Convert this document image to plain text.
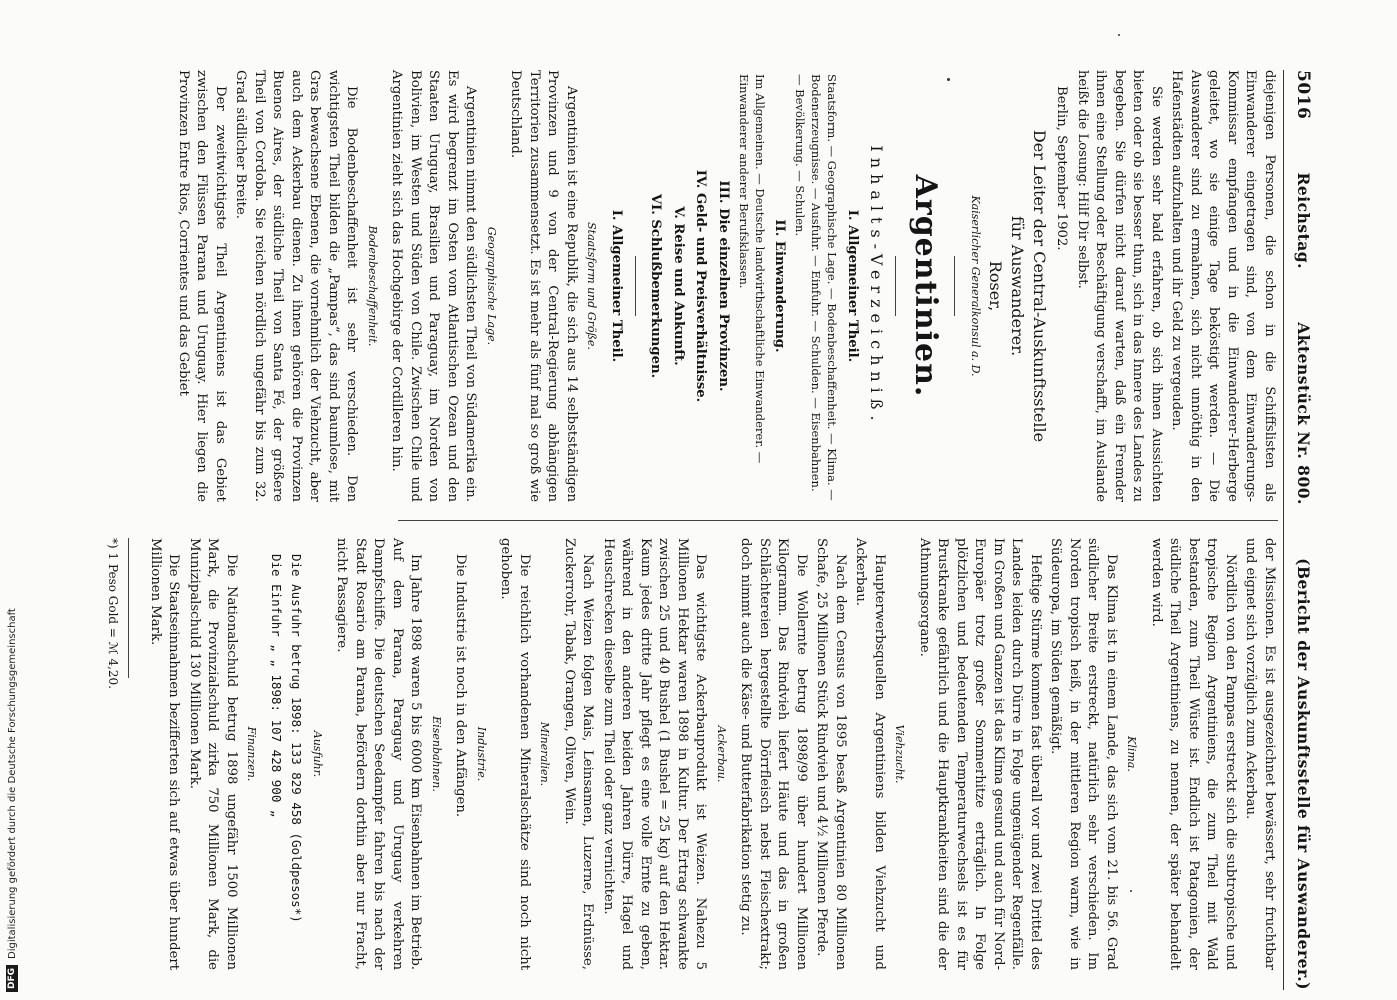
DFG
Digitalisierung gefördert durch die Deutsche Forschungsgemeinschaft
5016
Reichstag.
Aktenstück Nr. 800.
(Bericht der Auskunftsstelle für Auswanderer.)

diejenigen Personen, die schon in die Schiffslisten als Einwanderer eingetragen sind, von dem Einwanderungs-Kommissar empfangen und in die Einwanderer-Herberge geleitet, wo sie einige Tage beköstigt werden. — Die Auswanderer sind zu ermahnen, sich nicht unnöthig in den Hafenstädten aufzuhalten und ihr Geld zu vergeuden.

Sie werden sehr bald erfahren, ob sich ihnen Aussichten bieten oder ob sie besser thun, sich in das Innere des Landes zu begeben. Sie dürfen nicht darauf warten, daß ein Fremder ihnen eine Stellung oder Beschäftigung verschafft, im Auslande heißt die Losung: Hilf Dir selbst.

Berlin, September 1902.

Der Leiter der Central-Auskunftsstelle
für Auswanderer.
Roser,
Kaiserlicher Generalkonsul a. D.
Argentinien.
Inhalts-Verzeichniß.
I. Allgemeiner Theil.
Staatsform. — Geographische Lage. — Bodenbeschaffenheit. — Klima. — Bodenerzeugnisse. — Ausfuhr. — Einfuhr. — Schulden. — Eisenbahnen. — Bevölkerung. — Schulen.
II. Einwanderung.
Im Allgemeinen. — Deutsche landwirthschaftliche Einwanderer. — Einwanderer anderer Berufsklassen.
III. Die einzelnen Provinzen.
IV. Geld- und Preisverhältnisse.
V. Reise und Ankunft.
VI. Schlußbemerkungen.
I. Allgemeiner Theil.
Staatsform und Größe.

Argentinien ist eine Republik, die sich aus 14 selbstständigen Provinzen und 9 von der Central-Regierung abhängigen Territorien zusammensetzt. Es ist mehr als fünf mal so groß wie Deutschland.

Geographische Lage.

Argentinien nimmt den südlichsten Theil von Südamerika ein. Es wird begrenzt im Osten vom Atlantischen Ozean und den Staaten Uruguay, Brasilien und Paraguay, im Norden von Bolivien, im Westen und Süden von Chile. Zwischen Chile und Argentinien zieht sich das Hochgebirge der Cordilleren hin.

Bodenbeschaffenheit.

Die Bodenbeschaffenheit ist sehr verschieden. Den wichtigsten Theil bilden die „Pampas“, das sind baumlose, mit Gras bewachsene Ebenen, die vornehmlich der Viehzucht, aber auch dem Ackerbau dienen. Zu ihnen gehören die Provinzen Buenos Aires, der südliche Theil von Santa Fé, der größere Theil von Cordoba. Sie reichen nördlich ungefähr bis zum 32. Grad südlicher Breite.

Der zweitwichtigste Theil Argentiniens ist das Gebiet zwischen den Flüssen Parana und Uruguay. Hier liegen die Provinzen Entre Rios, Corrientes und das Gebiet

der Missionen. Es ist ausgezeichnet bewässert, sehr fruchtbar und eignet sich vorzüglich zum Ackerbau.

Nördlich von den Pampas erstreckt sich die subtropische und tropische Region Argentiniens, die zum Theil mit Wald bestanden, zum Theil Wüste ist. Endlich ist Patagonien, der südliche Theil Argentiniens, zu nennen, der später behandelt werden wird.

Klima.

Das Klima ist in einem Lande, das sich vom 21. bis 56. Grad südlicher Breite erstreckt, natürlich sehr verschieden. Im Norden tropisch heiß, in der mittleren Region warm, wie in Südeuropa, im Süden gemäßigt.

Heftige Stürme kommen fast überall vor und zwei Drittel des Landes leiden durch Dürre in Folge ungenügender Regenfälle. Im Großen und Ganzen ist das Klima gesund und auch für Nord-Europäer trotz großer Sommerhitze erträglich. In Folge plötzlichen und bedeutenden Temperaturwechsels ist es für Brustkranke gefährlich und die Hauptkrankheiten sind die der Athmungsorgane.

Viehzucht.

Haupterwerbsquellen Argentiniens bilden Viehzucht und Ackerbau.

Nach dem Census von 1895 besaß Argentinien 80 Millionen Schafe, 25 Millionen Stück Rindvieh und 4½ Millionen Pferde.

Die Wollernte betrug 1898/99 über hundert Millionen Kilogramm. Das Rindvieh liefert Häute und das in großen Schlächtereien hergestellte Dörrfleisch nebst Fleischextrakt; doch nimmt auch die Käse- und Butterfabrikation stetig zu.

Ackerbau.

Das wichtigste Ackerbauprodukt ist Weizen. Nahezu 5 Millionen Hektar waren 1898 in Kultur. Der Ertrag schwankte zwischen 25 und 40 Bushel (1 Bushel = 25 kg) auf den Hektar. Kaum jedes dritte Jahr pflegt es eine volle Ernte zu geben, während in den anderen beiden Jahren Dürre, Hagel und Heuschrecken dieselbe zum Theil oder ganz vernichten.

Nach Weizen folgen Mais, Leinsamen, Luzerne, Erdnüsse, Zuckerrohr, Tabak, Orangen, Oliven, Wein.

Mineralien.

Die reichlich vorhandenen Mineralschätze sind noch nicht gehoben.

Industrie.

Die Industrie ist noch in den Anfängen.

Eisenbahnen.

Im Jahre 1898 waren 5 bis 6000 km Eisenbahnen im Betrieb. Auf dem Parana, Paraguay und Uruguay verkehren Dampfschiffe. Die deutschen Seedampfer fahren bis nach der Stadt Rosario am Parana, befördern dorthin aber nur Fracht, nicht Passagiere.

Ausfuhr.

Die Ausfuhr betrug 1898: 133 829 458 (Goldpesos*)

Die Einfuhr „ „ 1898: 107 428 900 „

Finanzen.

Die Nationalschuld betrug 1898 ungefähr 1500 Millionen Mark, die Provinzialschuld zirka 750 Millionen Mark, die Munizipalschuld 130 Millionen Mark.

Die Staatseinnahmen bezifferten sich auf etwas über hundert Millionen Mark.

*) 1 Peso Gold = ℳ 4,20.
